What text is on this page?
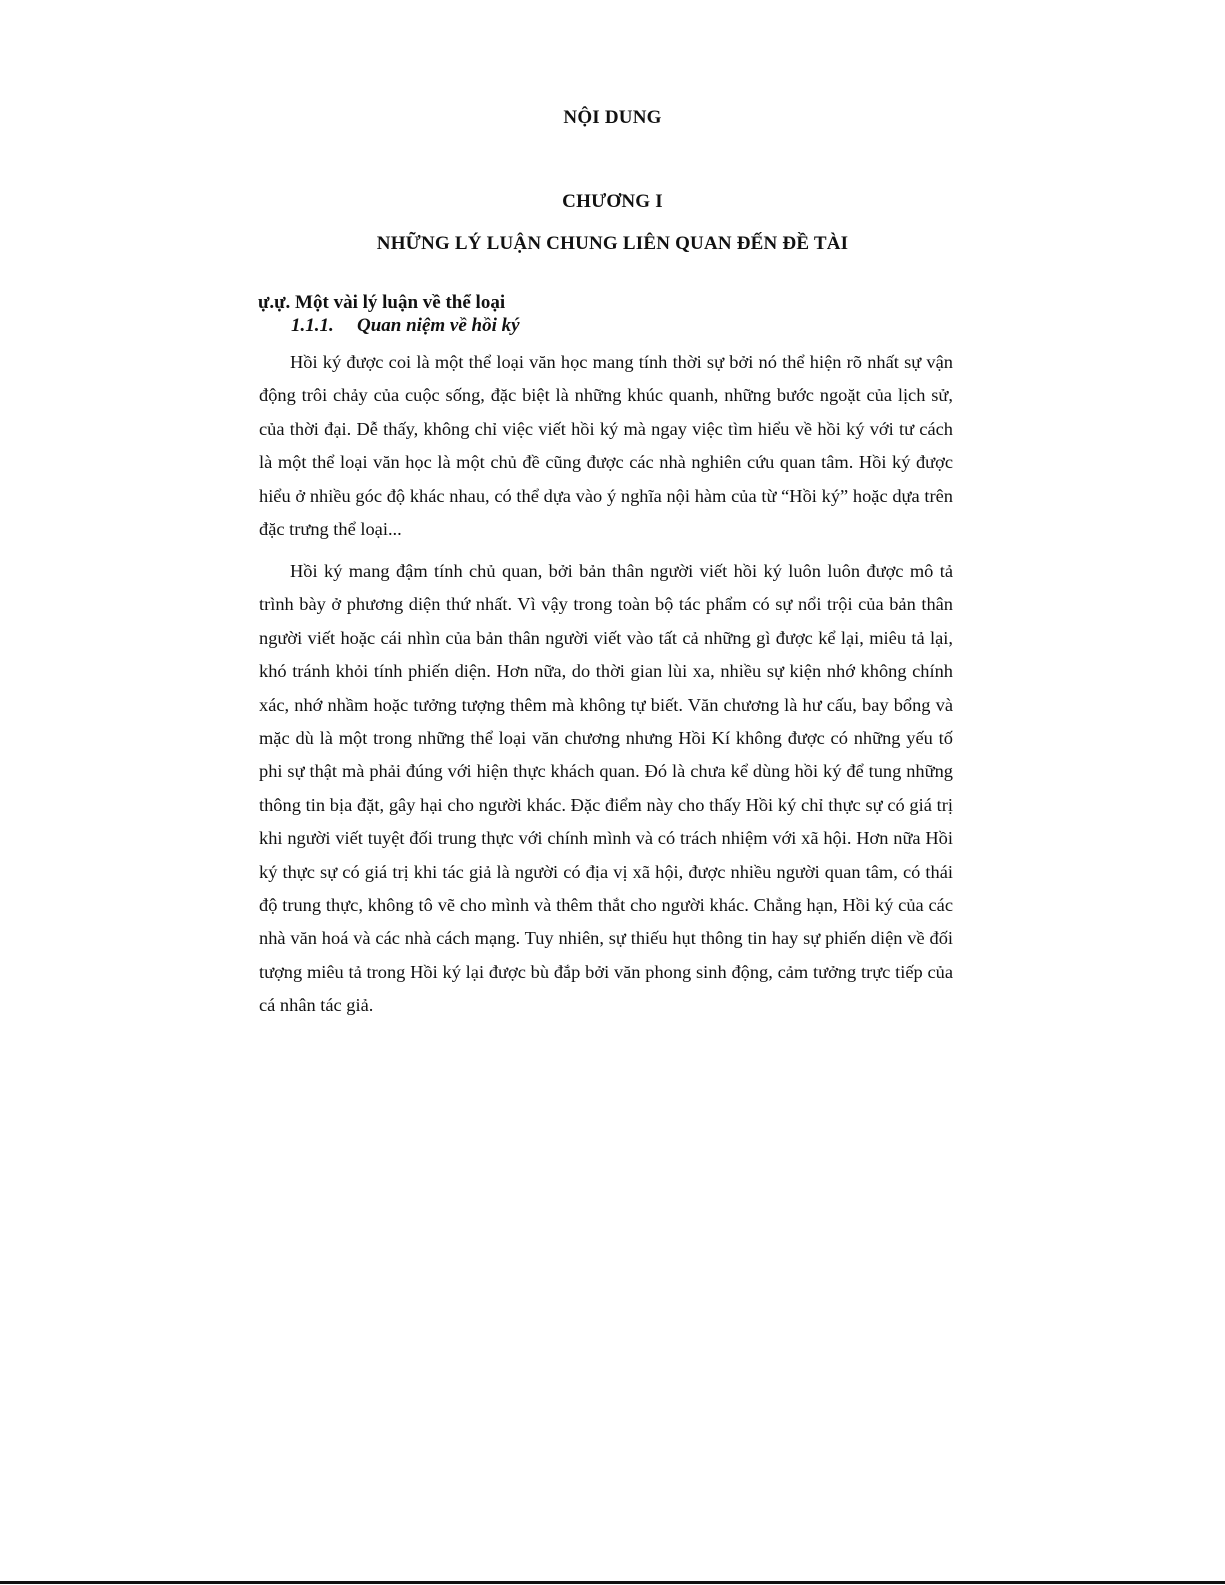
NỘI DUNG
CHƯƠNG I
NHỮNG LÝ LUẬN CHUNG LIÊN QUAN ĐẾN ĐỀ TÀI
ự.ự. Một vài lý luận về thể loại
1.1.1. Quan niệm về hồi ký

Hồi ký được coi là một thể loại văn học mang tính thời sự bởi nó thể hiện rõ nhất sự vận động trôi chảy của cuộc sống, đặc biệt là những khúc quanh, những bước ngoặt của lịch sử, của thời đại. Dễ thấy, không chỉ việc viết hồi ký mà ngay việc tìm hiểu về hồi ký với tư cách là một thể loại văn học là một chủ đề cũng được các nhà nghiên cứu quan tâm. Hồi ký được hiểu ở nhiều góc độ khác nhau, có thể dựa vào ý nghĩa nội hàm của từ “Hồi ký” hoặc dựa trên đặc trưng thể loại...

Hồi ký mang đậm tính chủ quan, bởi bản thân người viết hồi ký luôn luôn được mô tả trình bày ở phương diện thứ nhất. Vì vậy trong toàn bộ tác phẩm có sự nổi trội của bản thân người viết hoặc cái nhìn của bản thân người viết vào tất cả những gì được kể lại, miêu tả lại, khó tránh khỏi tính phiến diện. Hơn nữa, do thời gian lùi xa, nhiều sự kiện nhớ không chính xác, nhớ nhầm hoặc tưởng tượng thêm mà không tự biết. Văn chương là hư cấu, bay bổng và mặc dù là một trong những thể loại văn chương nhưng Hồi Kí không được có những yếu tố phi sự thật mà phải đúng với hiện thực khách quan. Đó là chưa kể dùng hồi ký để tung những thông tin bịa đặt, gây hại cho người khác. Đặc điểm này cho thấy Hồi ký chỉ thực sự có giá trị khi người viết tuyệt đối trung thực với chính mình và có trách nhiệm với xã hội. Hơn nữa Hồi ký thực sự có giá trị khi tác giả là người có địa vị xã hội, được nhiều người quan tâm, có thái độ trung thực, không tô vẽ cho mình và thêm thắt cho người khác. Chẳng hạn, Hồi ký của các nhà văn hoá và các nhà cách mạng. Tuy nhiên, sự thiếu hụt thông tin hay sự phiến diện về đối tượng miêu tả trong Hồi ký lại được bù đắp bởi văn phong sinh động, cảm tưởng trực tiếp của cá nhân tác giả.
